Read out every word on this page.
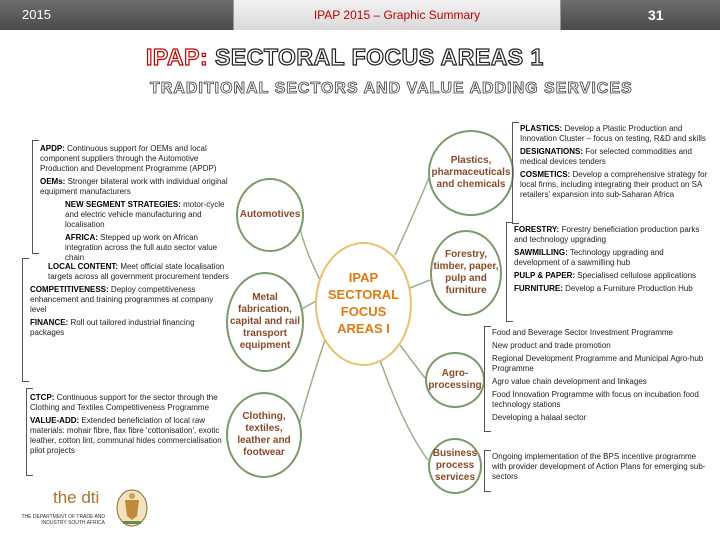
2015	IPAP 2015 – Graphic Summary	31
IPAP: SECTORAL FOCUS AREAS 1
TRADITIONAL SECTORS AND VALUE ADDING SERVICES
APDP: Continuous support for OEMs and local component suppliers through the Automotive Production and Development Programme (APDP)
OEMs: Stronger bilateral work with individual original equipment manufacturers
NEW SEGMENT STRATEGIES: motor-cycle and electric vehicle manufacturing and localisation
AFRICA: Stepped up work on African integration across the full auto sector value chain
LOCAL CONTENT: Meet official state localisation targets across all government procurement tenders
COMPETITIVENESS: Deploy competitiveness enhancement and training programmes at company level
FINANCE: Roll out tailored industrial financing packages
CTCP: Continuous support for the sector through the Clothing and Textiles Competitiveness Programme
VALUE-ADD: Extended beneficiation of local raw materials: mohair fibre, flax fibre 'cottonisation', exotic leather, cotton lint, communal hides commercialisation pilot projects
Automotives
Metal fabrication, capital and rail transport equipment
Clothing, textiles, leather and footwear
IPAP SECTORAL FOCUS AREAS I
Plastics, pharmaceuticals and chemicals
Forestry, timber, paper, pulp and furniture
Agro-processing
Business process services
PLASTICS: Develop a Plastic Production and Innovation Cluster – focus on testing, R&D and skills
DESIGNATIONS: For selected commodities and medical devices tenders
COSMETICS: Develop a comprehensive strategy for local firms, including integrating their product on SA retailers' expansion into sub-Saharan Africa
FORESTRY: Forestry beneficiation production parks and technology upgrading
SAWMILLING: Technology upgrading and development of a sawmilling hub
PULP & PAPER: Specialised cellulose applications
FURNITURE: Develop a Furniture Production Hub
Food and Beverage Sector Investment Programme
New product and trade promotion
Regional Development Programme and Municipal Agro-hub Programme
Agro value chain development and linkages
Food Innovation Programme with focus on incubation food technology stations
Developing a halaal sector
Ongoing implementation of the BPS incentive programme with provider development of Action Plans for emerging sub-sectors
the dti
THE DEPARTMENT OF TRADE AND INDUSTRY SOUTH AFRICA
